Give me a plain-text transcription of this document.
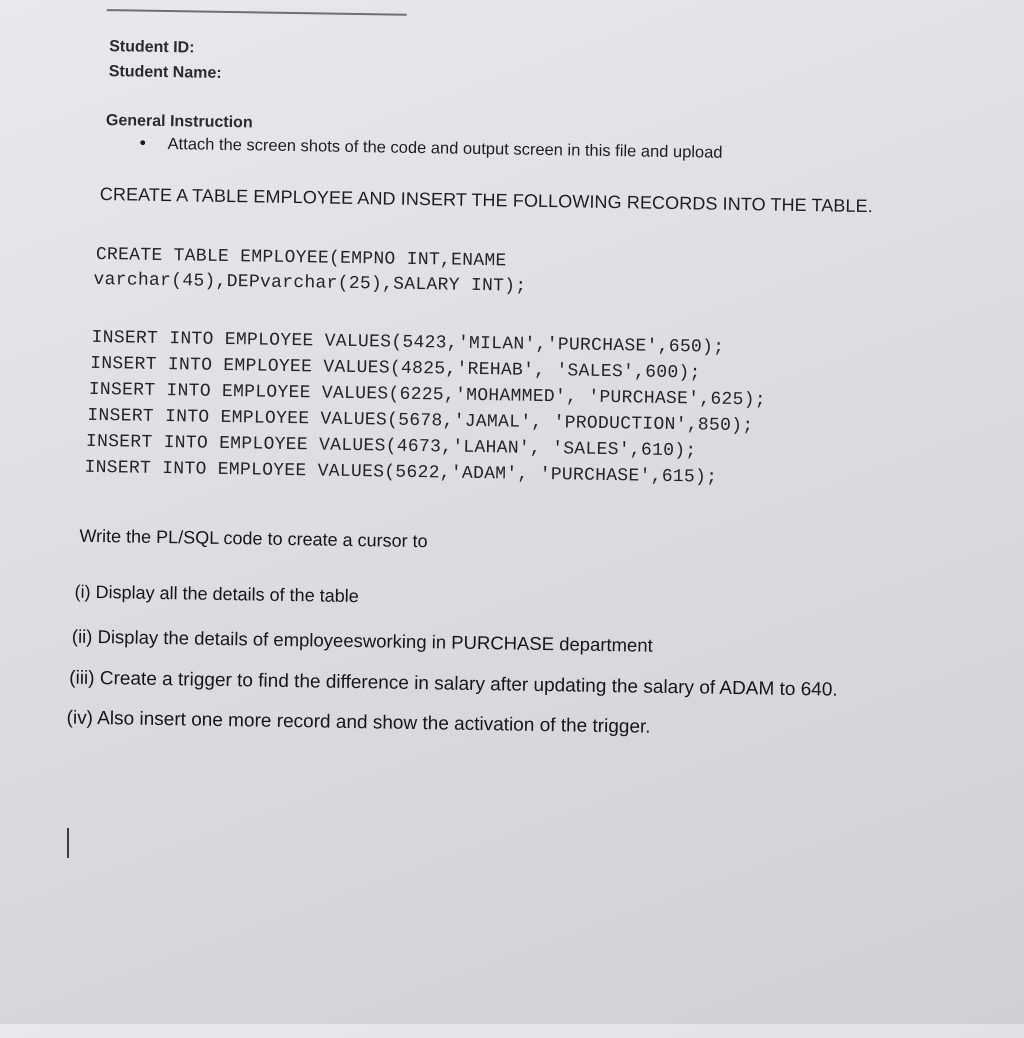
Student ID:
Student Name:
General Instruction
• Attach the screen shots of the code and output screen in this file and upload
CREATE A TABLE EMPLOYEE AND INSERT THE FOLLOWING RECORDS INTO THE TABLE.
CREATE TABLE EMPLOYEE(EMPNO INT,ENAME
varchar(45),DEPvarchar(25),SALARY INT);
INSERT INTO EMPLOYEE VALUES(5423,'MILAN','PURCHASE',650);
INSERT INTO EMPLOYEE VALUES(4825,'REHAB', 'SALES',600);
INSERT INTO EMPLOYEE VALUES(6225,'MOHAMMED', 'PURCHASE',625);
INSERT INTO EMPLOYEE VALUES(5678,'JAMAL', 'PRODUCTION',850);
INSERT INTO EMPLOYEE VALUES(4673,'LAHAN', 'SALES',610);
INSERT INTO EMPLOYEE VALUES(5622,'ADAM', 'PURCHASE',615);
Write the PL/SQL code to create a cursor to
(i) Display all the details of the table
(ii) Display the details of employeesworking in PURCHASE department
(iii) Create a trigger to find the difference in salary after updating the salary of ADAM to 640.
(iv) Also insert one more record and show the activation of the trigger.
